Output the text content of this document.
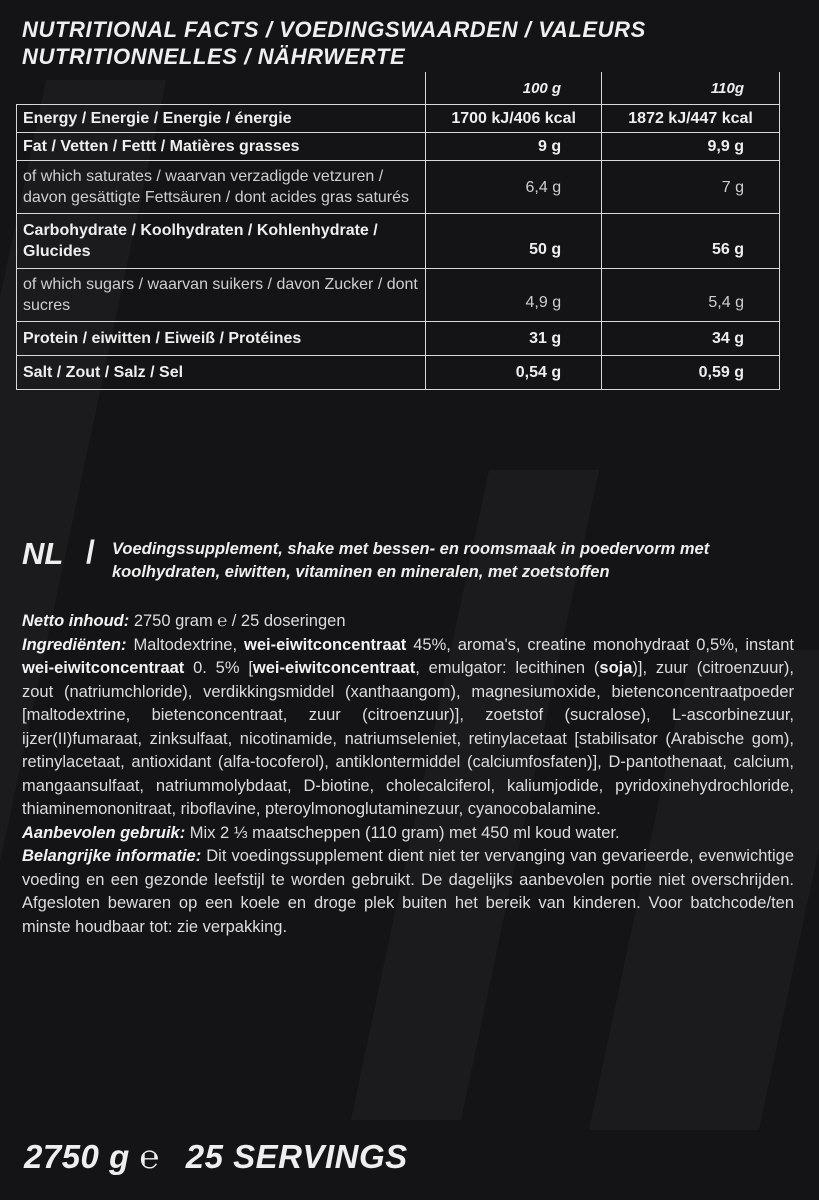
NUTRITIONAL FACTS / VOEDINGSWAARDEN / VALEURS NUTRITIONNELLES / NÄHRWERTE
	100 g	110g
Energy / Energie / Energie / énergie	1700 kJ/406 kcal	1872 kJ/447 kcal
Fat / Vetten / Fettt / Matières grasses	9 g	9,9 g
of which saturates / waarvan verzadigde vetzuren / davon gesättigte Fettsäuren / dont acides gras saturés	6,4 g	7 g
Carbohydrate / Koolhydraten / Kohlenhydrate / Glucides	50 g	56 g
of which sugars / waarvan suikers / davon Zucker / dont sucres	4,9 g	5,4 g
Protein / eiwitten / Eiweiß / Protéines	31 g	34 g
Salt / Zout / Salz / Sel	0,54 g	0,59 g
NL / Voedingssupplement, shake met bessen- en roomsmaak in poedervorm met koolhydraten, eiwitten, vitaminen en mineralen, met zoetstoffen
Netto inhoud: 2750 gram ℮ / 25 doseringen
Ingrediënten: Maltodextrine, wei-eiwitconcentraat 45%, aroma's, creatine monohydraat 0,5%, instant wei-eiwitconcentraat 0. 5% [wei-eiwitconcentraat, emulgator: lecithinen (soja)], zuur (citroenzuur), zout (natriumchloride), verdikkingsmiddel (xanthaangom), magnesiumoxide, bietenconcentraatpoeder [maltodextrine, bietenconcentraat, zuur (citroenzuur)], zoetstof (sucralose), L-ascorbinezuur, ijzer(II)fumaraat, zinksulfaat, nicotinamide, natriumseleniet, retinylacetaat [stabilisator (Arabische gom), retinylacetaat, antioxidant (alfa-tocoferol), antiklontermiddel (calciumfosfaten)], D-pantothenaat, calcium, mangaansulfaat, natriummolybdaat, D-biotine, cholecalciferol, kaliumjodide, pyridoxinehydrochloride, thiaminemononitraat, riboflavine, pteroylmonoglutaminezuur, cyanocobalamine.
Aanbevolen gebruik: Mix 2 ⅓ maatscheppen (110 gram) met 450 ml koud water.
Belangrijke informatie: Dit voedingssupplement dient niet ter vervanging van gevarieerde, evenwichtige voeding en een gezonde leefstijl te worden gebruikt. De dagelijks aanbevolen portie niet overschrijden. Afgesloten bewaren op een koele en droge plek buiten het bereik van kinderen. Voor batchcode/ten minste houdbaar tot: zie verpakking.
2750 g ℮ 25 SERVINGS
